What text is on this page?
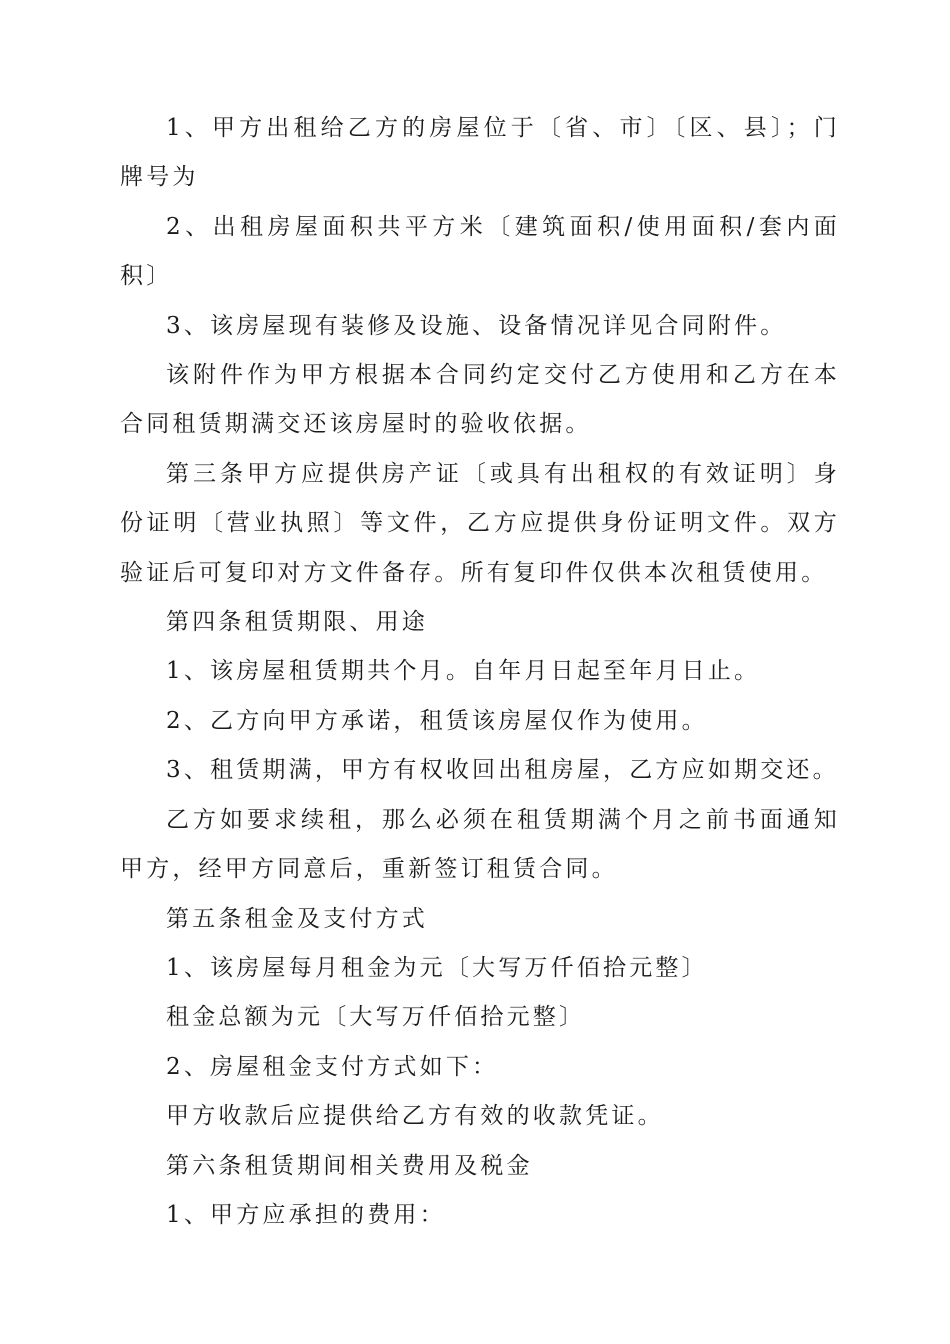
1、甲方出租给乙方的房屋位于〔省、市〕〔区、县〕；门牌号为

2、出租房屋面积共平方米〔建筑面积/使用面积/套内面积〕

3、该房屋现有装修及设施、设备情况详见合同附件。

该附件作为甲方根据本合同约定交付乙方使用和乙方在本合同租赁期满交还该房屋时的验收依据。

第三条甲方应提供房产证〔或具有出租权的有效证明〕身份证明〔营业执照〕等文件，乙方应提供身份证明文件。双方验证后可复印对方文件备存。所有复印件仅供本次租赁使用。

第四条租赁期限、用途

1、该房屋租赁期共个月。自年月日起至年月日止。

2、乙方向甲方承诺，租赁该房屋仅作为使用。

3、租赁期满，甲方有权收回出租房屋，乙方应如期交还。

乙方如要求续租，那么必须在租赁期满个月之前书面通知甲方，经甲方同意后，重新签订租赁合同。

第五条租金及支付方式

1、该房屋每月租金为元〔大写万仟佰拾元整〕

租金总额为元〔大写万仟佰拾元整〕

2、房屋租金支付方式如下：

甲方收款后应提供给乙方有效的收款凭证。

第六条租赁期间相关费用及税金

1、甲方应承担的费用：
